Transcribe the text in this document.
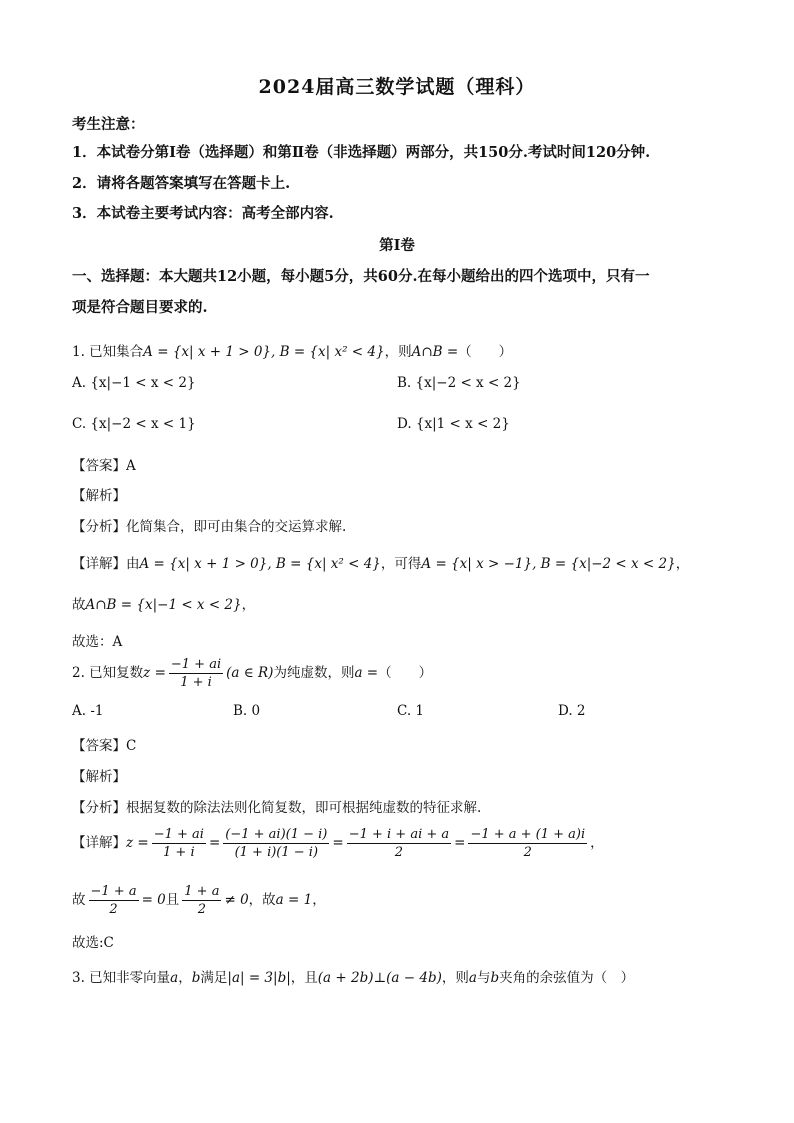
2024届高三数学试题（理科）
考生注意：
1．本试卷分第Ⅰ卷（选择题）和第Ⅱ卷（非选择题）两部分，共150分.考试时间120分钟.
2．请将各题答案填写在答题卡上.
3．本试卷主要考试内容：高考全部内容.
第Ⅰ卷
一、选择题：本大题共12小题，每小题5分，共60分.在每小题给出的四个选项中，只有一
项是符合题目要求的.
1. 已知集合A = {x| x + 1 > 0}, B = {x| x² < 4}，则A∩B =（　　）
A. {x|−1 < x < 2}	B. {x|−2 < x < 2}
C. {x|−2 < x < 1}	D. {x|1 < x < 2}
【答案】A
【解析】
【分析】化简集合，即可由集合的交运算求解.
【详解】由A = {x| x + 1 > 0}, B = {x| x² < 4}，可得A = {x| x > −1}, B = {x|−2 < x < 2}，
故A∩B = {x|−1 < x < 2}，
故选：A
2. 已知复数$z = \frac{-1 + ai}{1 + i} (a$ ∈ R)为纯虚数，则a =（　　）
A. -1	B. 0	C. 1	D. 2
【答案】C
【解析】
【分析】根据复数的除法法则化简复数，即可根据纯虚数的特征求解.
【详解】$z = \frac{-1 + ai}{1 + i} = \frac{(-1 + ai)(1 - i)}{(1 + i)(1 - i)} = \frac{-1 + i + ai + a}{2} = \frac{-1 + a + (1 + a)i}{2}$ ，
故 $\frac{-1 + a}{2} = 0$且 $\frac{1 + a}{2} \ne 0$，故a = 1，
故选:C
3. 已知非零向量a，b满足|a| = 3|b|，且(a + 2b)⊥(a − 4b)，则a与b夹角的余弦值为（　）
